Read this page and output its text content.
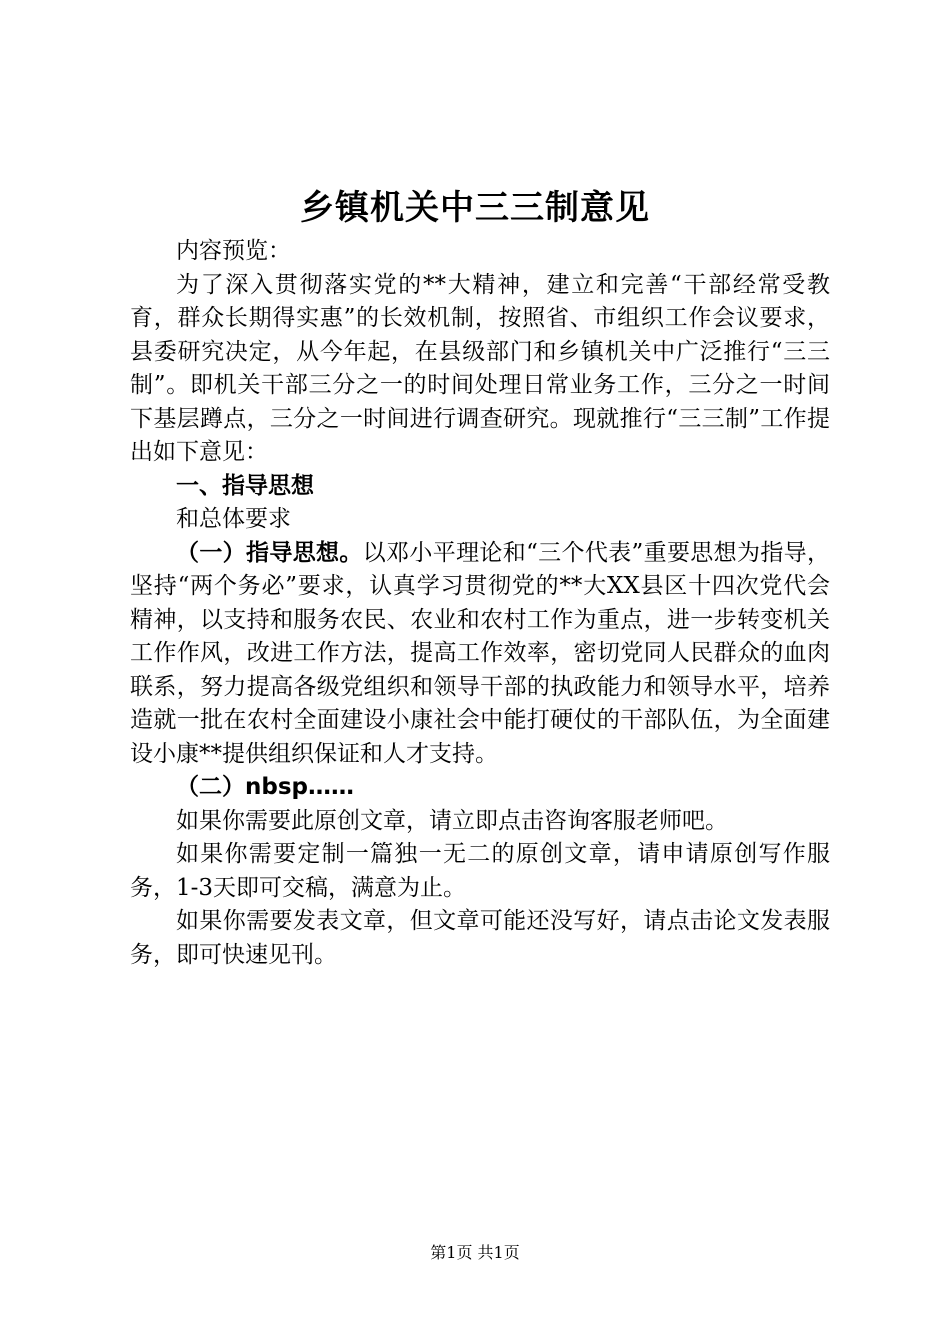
乡镇机关中三三制意见

内容预览：

为了深入贯彻落实党的**大精神，建立和完善“干部经常受教育，群众长期得实惠”的长效机制，按照省、市组织工作会议要求，县委研究决定，从今年起，在县级部门和乡镇机关中广泛推行“三三制”。即机关干部三分之一的时间处理日常业务工作，三分之一时间下基层蹲点，三分之一时间进行调查研究。现就推行“三三制”工作提出如下意见：

一、指导思想

和总体要求

（一）指导思想。以邓小平理论和“三个代表”重要思想为指导，坚持“两个务必”要求，认真学习贯彻党的**大XX县区十四次党代会精神，以支持和服务农民、农业和农村工作为重点，进一步转变机关工作作风，改进工作方法，提高工作效率，密切党同人民群众的血肉联系，努力提高各级党组织和领导干部的执政能力和领导水平，培养造就一批在农村全面建设小康社会中能打硬仗的干部队伍，为全面建设小康**提供组织保证和人才支持。

（二）nbsp……

如果你需要此原创文章，请立即点击咨询客服老师吧。

如果你需要定制一篇独一无二的原创文章，请申请原创写作服务，1-3天即可交稿，满意为止。

如果你需要发表文章，但文章可能还没写好，请点击论文发表服务，即可快速见刊。

第1页 共1页
